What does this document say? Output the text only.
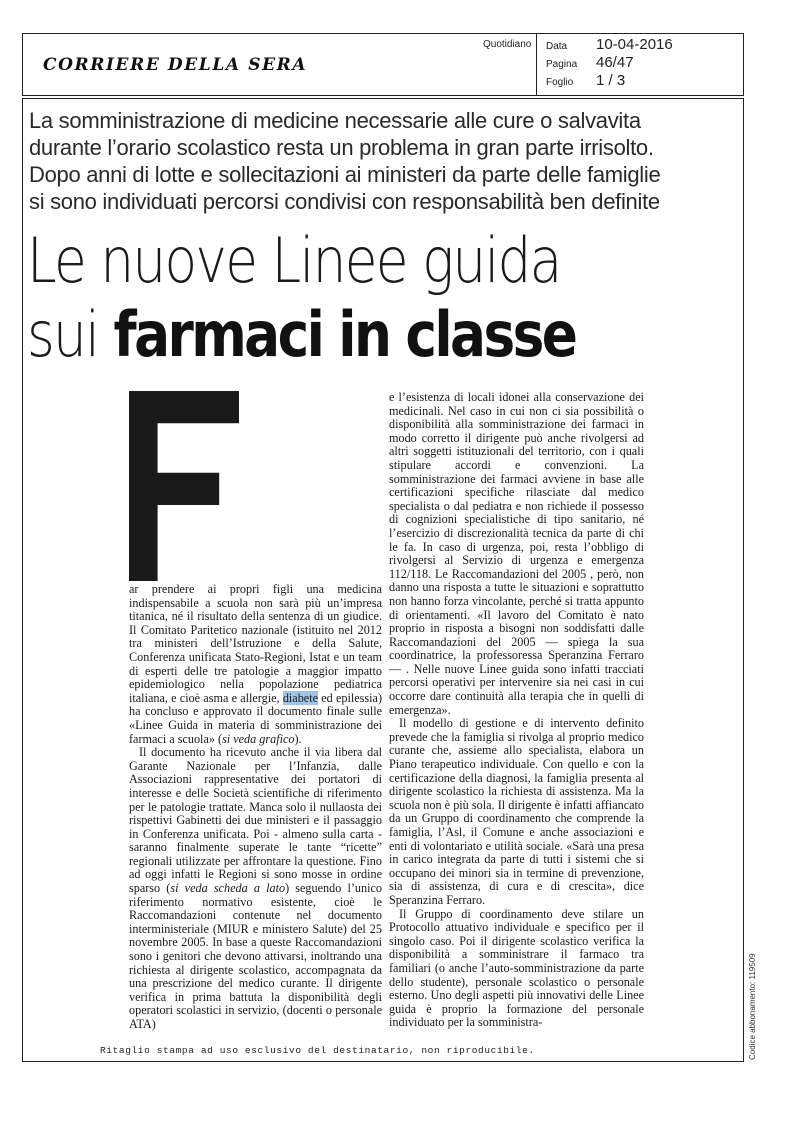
CORRIERE DELLA SERA
Quotidiano Data 10-04-2016
Pagina 46/47
Foglio 1 / 3
La somministrazione di medicine necessarie alle cure o salvavita
durante l’orario scolastico resta un problema in gran parte irrisolto.
Dopo anni di lotte e sollecitazioni ai ministeri da parte delle famiglie
si sono individuati percorsi condivisi con responsabilità ben definite
Le nuove Linee guida
sui farmaci in classe

ar prendere ai propri figli una medicina indispensabile a scuola non sarà più un’impresa titanica, né il risultato della sentenza di un giudice. Il Comitato Paritetico nazionale (istituito nel 2012 tra ministeri dell’Istruzione e della Salute, Conferenza unificata Stato-Regioni, Istat e un team di esperti delle tre patologie a maggior impatto epidemiologico nella popolazione pediatrica italiana, e cioè asma e allergie, diabete ed epilessia) ha concluso e approvato il documento finale sulle «Linee Guida in materia di somministrazione dei farmaci a scuola» (si veda grafico).

Il documento ha ricevuto anche il via libera dal Garante Nazionale per l’Infanzia, dalle Associazioni rappresentative dei portatori di interesse e delle Società scientifiche di riferimento per le patologie trattate. Manca solo il nullaosta dei rispettivi Gabinetti dei due ministeri e il passaggio in Conferenza unificata. Poi - almeno sulla carta - saranno finalmente superate le tante “ricette” regionali utilizzate per affrontare la questione. Fino ad oggi infatti le Regioni si sono mosse in ordine sparso (si veda scheda a lato) seguendo l’unico riferimento normativo esistente, cioè le Raccomandazioni contenute nel documento interministeriale (MIUR e ministero Salute) del 25 novembre 2005. In base a queste Raccomandazioni sono i genitori che devono attivarsi, inoltrando una richiesta al dirigente scolastico, accompagnata da una prescrizione del medico curante. Il dirigente verifica in prima battuta la disponibilità degli operatori scolastici in servizio, (docenti o personale ATA)

e l’esistenza di locali idonei alla conservazione dei medicinali. Nel caso in cui non ci sia possibilità o disponibilità alla somministrazione dei farmaci in modo corretto il dirigente può anche rivolgersi ad altri soggetti istituzionali del territorio, con i quali stipulare accordi e convenzioni. La somministrazione dei farmaci avviene in base alle certificazioni specifiche rilasciate dal medico specialista o dal pediatra e non richiede il possesso di cognizioni specialistiche di tipo sanitario, né l’esercizio di discrezionalità tecnica da parte di chi le fa. In caso di urgenza, poi, resta l’obbligo di rivolgersi al Servizio di urgenza e emergenza 112/118. Le Raccomandazioni del 2005 , però, non danno una risposta a tutte le situazioni e soprattutto non hanno forza vincolante, perché si tratta appunto di orientamenti. «Il lavoro del Comitato è nato proprio in risposta a bisogni non soddisfatti dalle Raccomandazioni del 2005 — spiega la sua coordinatrice, la professoressa Speranzina Ferraro — . Nelle nuove Linee guida sono infatti tracciati percorsi operativi per intervenire sia nei casi in cui occorre dare continuità alla terapia che in quelli di emergenza».

Il modello di gestione e di intervento definito prevede che la famiglia si rivolga al proprio medico curante che, assieme allo specialista, elabora un Piano terapeutico individuale. Con quello e con la certificazione della diagnosi, la famiglia presenta al dirigente scolastico la richiesta di assistenza. Ma la scuola non è più sola. Il dirigente è infatti affiancato da un Gruppo di coordinamento che comprende la famiglia, l’Asl, il Comune e anche associazioni e enti di volontariato e utilità sociale. «Sarà una presa in carico integrata da parte di tutti i sistemi che si occupano dei minori sia in termine di prevenzione, sia di assistenza, di cura e di crescita», dice Speranzina Ferraro.

Il Gruppo di coordinamento deve stilare un Protocollo attuativo individuale e specifico per il singolo caso. Poi il dirigente scolastico verifica la disponibilità a somministrare il farmaco tra familiari (o anche l’auto-somministrazione da parte dello studente), personale scolastico o personale esterno. Uno degli aspetti più innovativi delle Linee guida è proprio la formazione del personale individuato per la somministra-

Ritaglio stampa ad uso esclusivo del destinatario, non riproducibile.	Codice abbonamento: 119509
